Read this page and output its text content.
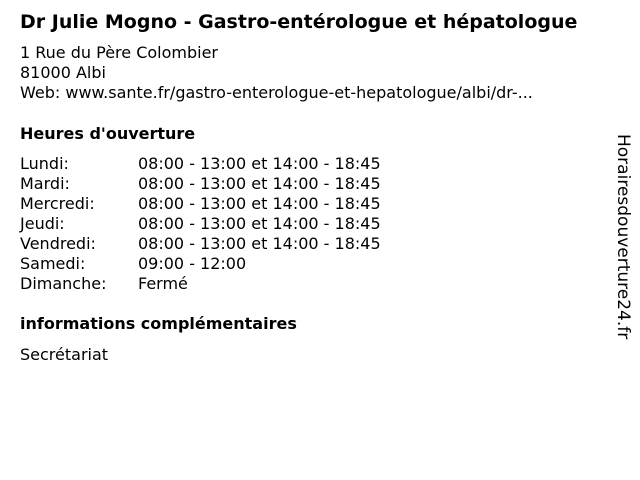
Dr Julie Mogno - Gastro-entérologue et hépatologue
1 Rue du Père Colombier
81000 Albi
Web: www.sante.fr/gastro-enterologue-et-hepatologue/albi/dr-...
Heures d'ouverture
Lundi:	08:00 - 13:00 et 14:00 - 18:45
Mardi:	08:00 - 13:00 et 14:00 - 18:45
Mercredi:	08:00 - 13:00 et 14:00 - 18:45
Jeudi:	08:00 - 13:00 et 14:00 - 18:45
Vendredi:	08:00 - 13:00 et 14:00 - 18:45
Samedi:	09:00 - 12:00
Dimanche: Fermé
informations complémentaires
Secrétariat
Horairesdouverture24.fr
